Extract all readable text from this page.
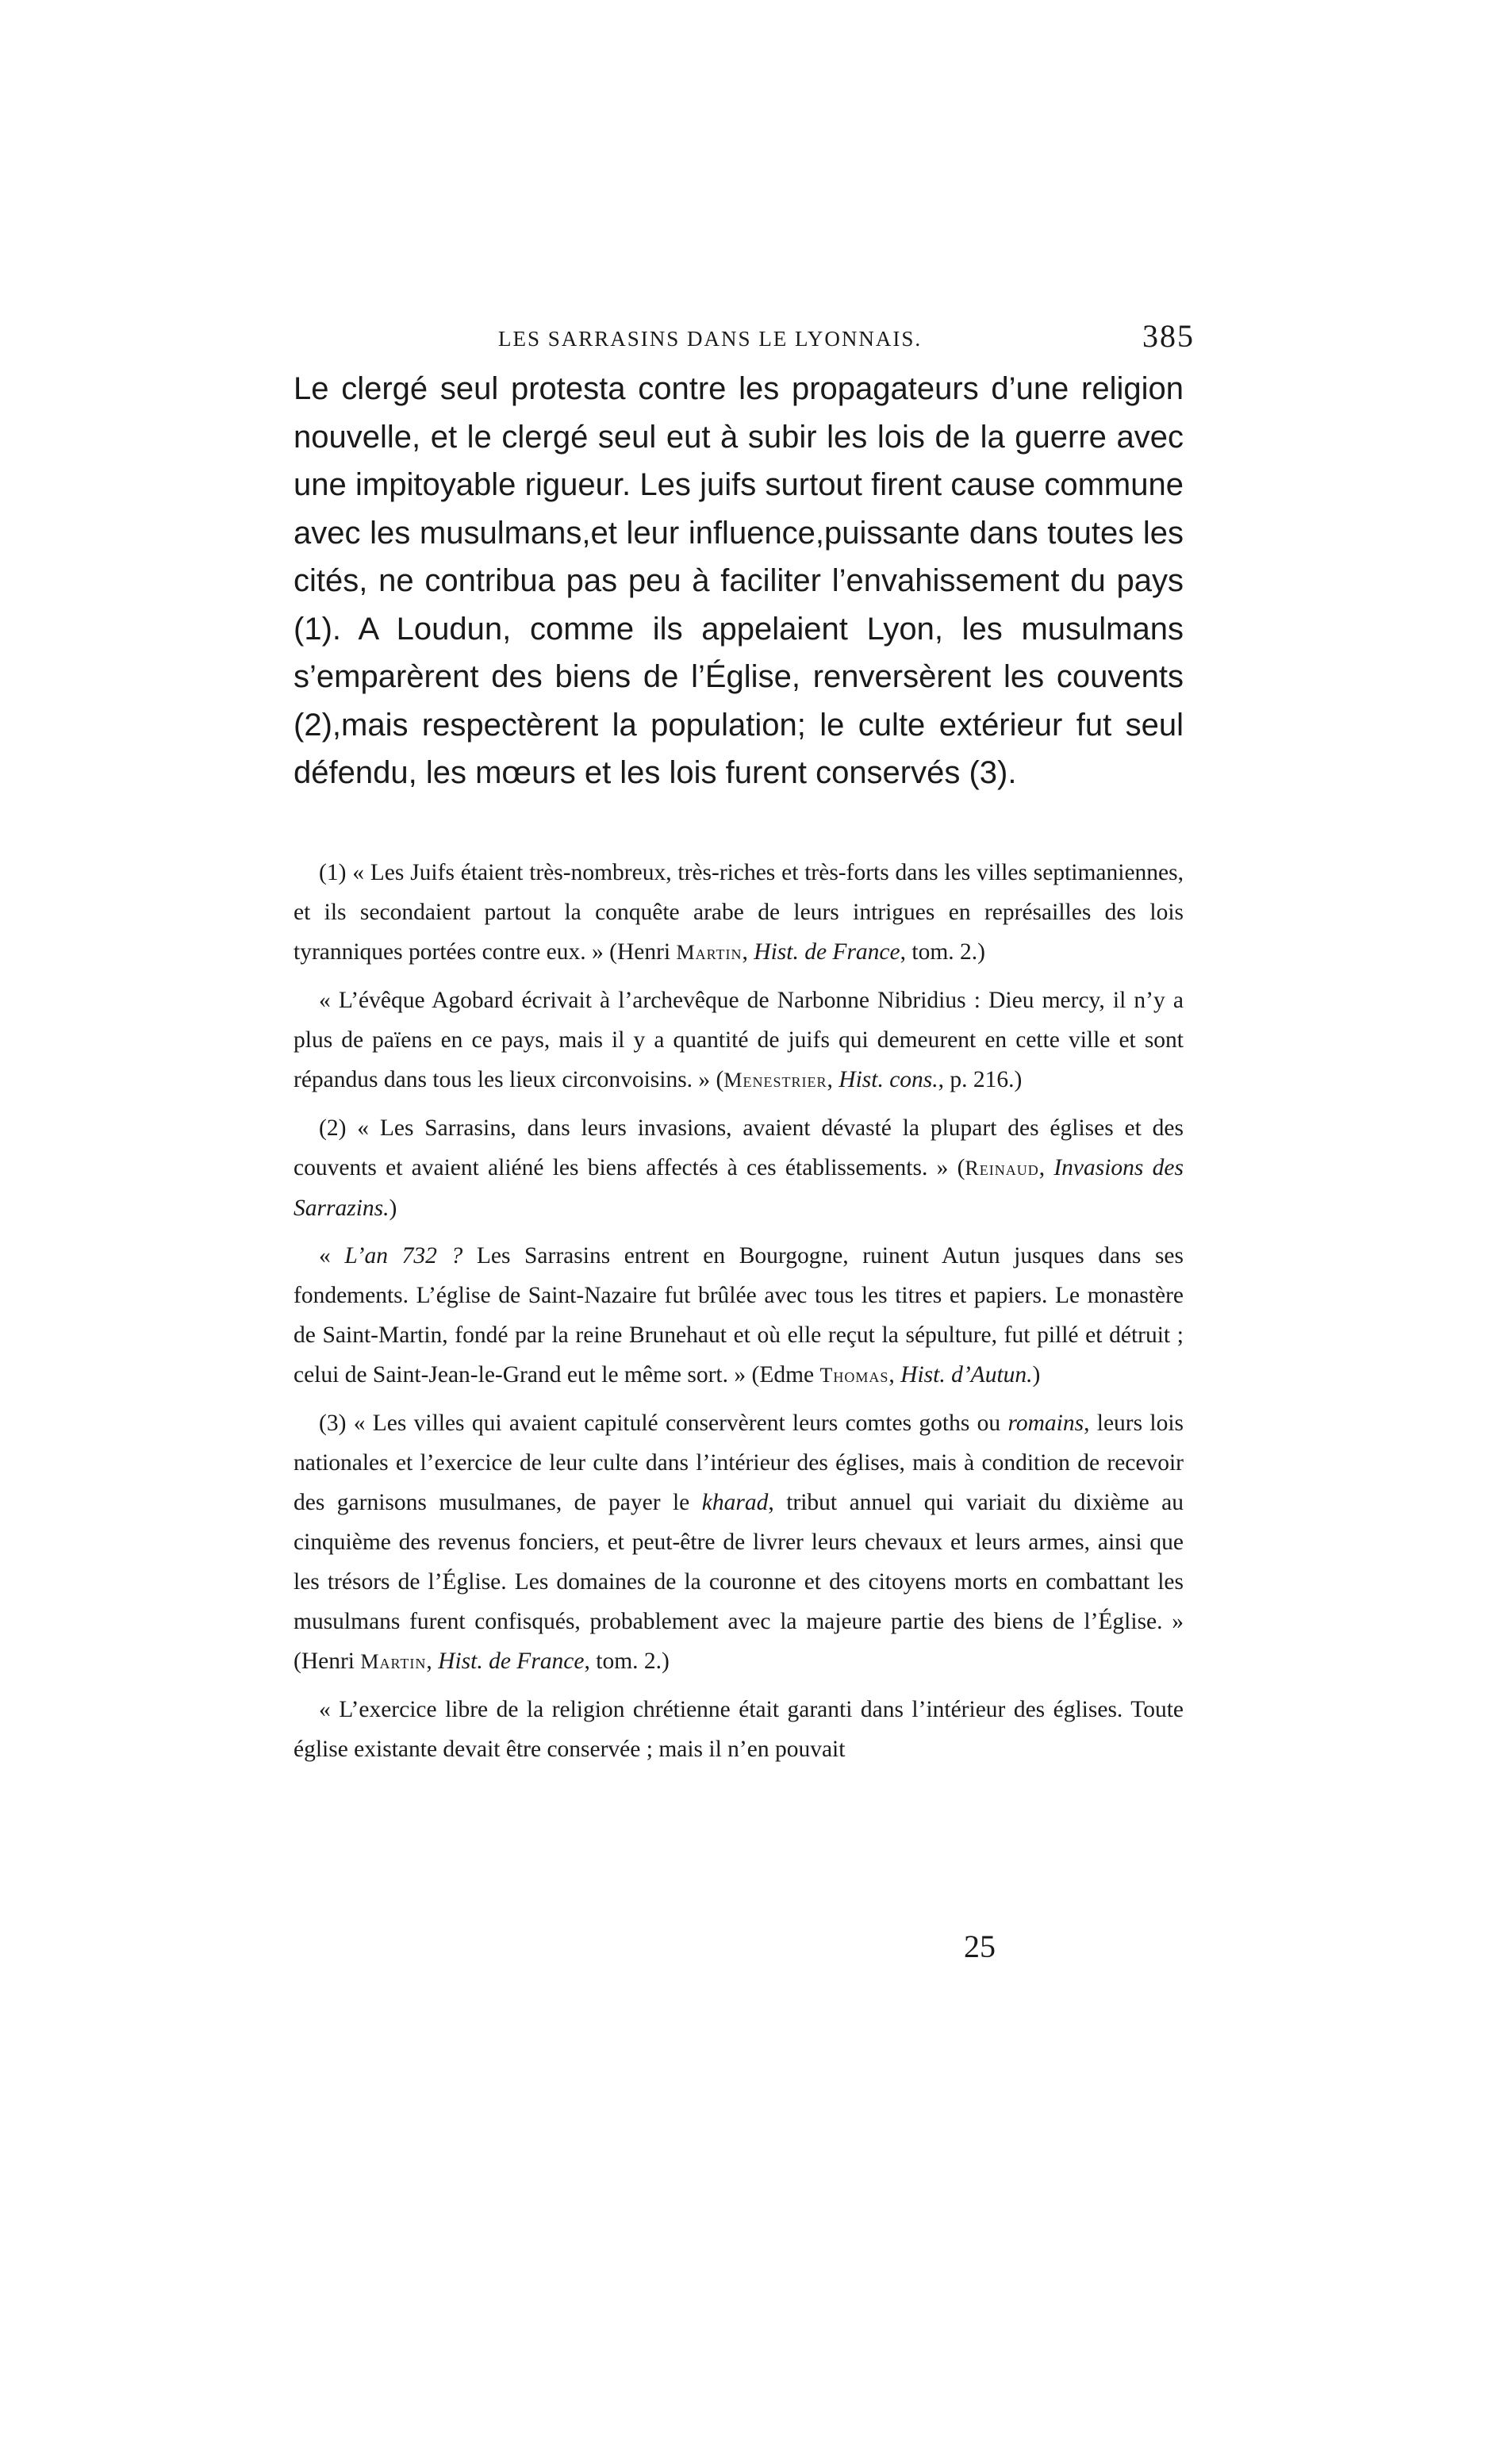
LES SARRASINS DANS LE LYONNAIS.	385

Le clergé seul protesta contre les propagateurs d’une religion nouvelle, et le clergé seul eut à subir les lois de la guerre avec une impitoyable rigueur. Les juifs surtout firent cause commune avec les musulmans,et leur influence,puissante dans toutes les cités, ne contribua pas peu à faciliter l’envahissement du pays (1). A Loudun, comme ils appelaient Lyon, les musulmans s’emparèrent des biens de l’Église, renversèrent les couvents (2),mais respectèrent la population; le culte extérieur fut seul défendu, les mœurs et les lois furent conservés (3).

(1) « Les Juifs étaient très-nombreux, très-riches et très-forts dans les villes septimaniennes, et ils secondaient partout la conquête arabe de leurs intrigues en représailles des lois tyranniques portées contre eux. » (Henri Martin, Hist. de France, tom. 2.)

« L’évêque Agobard écrivait à l’archevêque de Narbonne Nibridius : Dieu mercy, il n’y a plus de païens en ce pays, mais il y a quantité de juifs qui demeurent en cette ville et sont répandus dans tous les lieux circonvoisins. » (Menestrier, Hist. cons., p. 216.)

(2) « Les Sarrasins, dans leurs invasions, avaient dévasté la plupart des églises et des couvents et avaient aliéné les biens affectés à ces établissements. » (Reinaud, Invasions des Sarrazins.)

« L’an 732 ? Les Sarrasins entrent en Bourgogne, ruinent Autun jusques dans ses fondements. L’église de Saint-Nazaire fut brûlée avec tous les titres et papiers. Le monastère de Saint-Martin, fondé par la reine Brunehaut et où elle reçut la sépulture, fut pillé et détruit ; celui de Saint-Jean-le-Grand eut le même sort. » (Edme Thomas, Hist. d’Autun.)

(3) « Les villes qui avaient capitulé conservèrent leurs comtes goths ou romains, leurs lois nationales et l’exercice de leur culte dans l’intérieur des églises, mais à condition de recevoir des garnisons musulmanes, de payer le kharad, tribut annuel qui variait du dixième au cinquième des revenus fonciers, et peut-être de livrer leurs chevaux et leurs armes, ainsi que les trésors de l’Église. Les domaines de la couronne et des citoyens morts en combattant les musulmans furent confisqués, probablement avec la majeure partie des biens de l’Église. » (Henri Martin, Hist. de France, tom. 2.)

« L’exercice libre de la religion chrétienne était garanti dans l’intérieur des églises. Toute église existante devait être conservée ; mais il n’en pouvait

25
